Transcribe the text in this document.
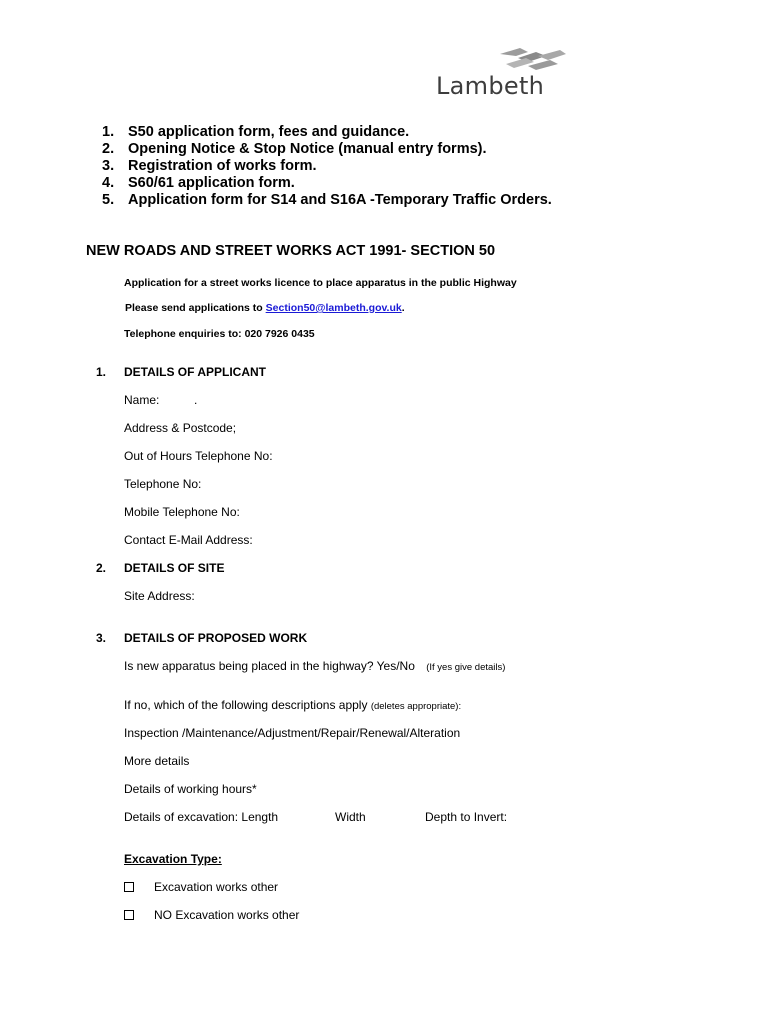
Lambeth
1. S50 application form, fees and guidance.
2. Opening Notice & Stop Notice (manual entry forms).
3. Registration of works form.
4. S60/61 application form.
5. Application form for S14 and S16A -Temporary Traffic Orders.
NEW ROADS AND STREET WORKS ACT 1991- SECTION 50
Application for a street works licence to place apparatus in the public Highway
Please send applications to Section50@lambeth.gov.uk.
Telephone enquiries to: 020 7926 0435
1. DETAILS OF APPLICANT
Name:	.
Address & Postcode;
Out of Hours Telephone No:
Telephone No:
Mobile Telephone No:
Contact E-Mail Address:
2. DETAILS OF SITE
Site Address:
3. DETAILS OF PROPOSED WORK
Is new apparatus being placed in the highway? Yes/No (If yes give details)
If no, which of the following descriptions apply (deletes appropriate):
Inspection /Maintenance/Adjustment/Repair/Renewal/Alteration
More details
Details of working hours*
Details of excavation: Length	Width	Depth to Invert:
Excavation Type:
Excavation works other
NO Excavation works other
